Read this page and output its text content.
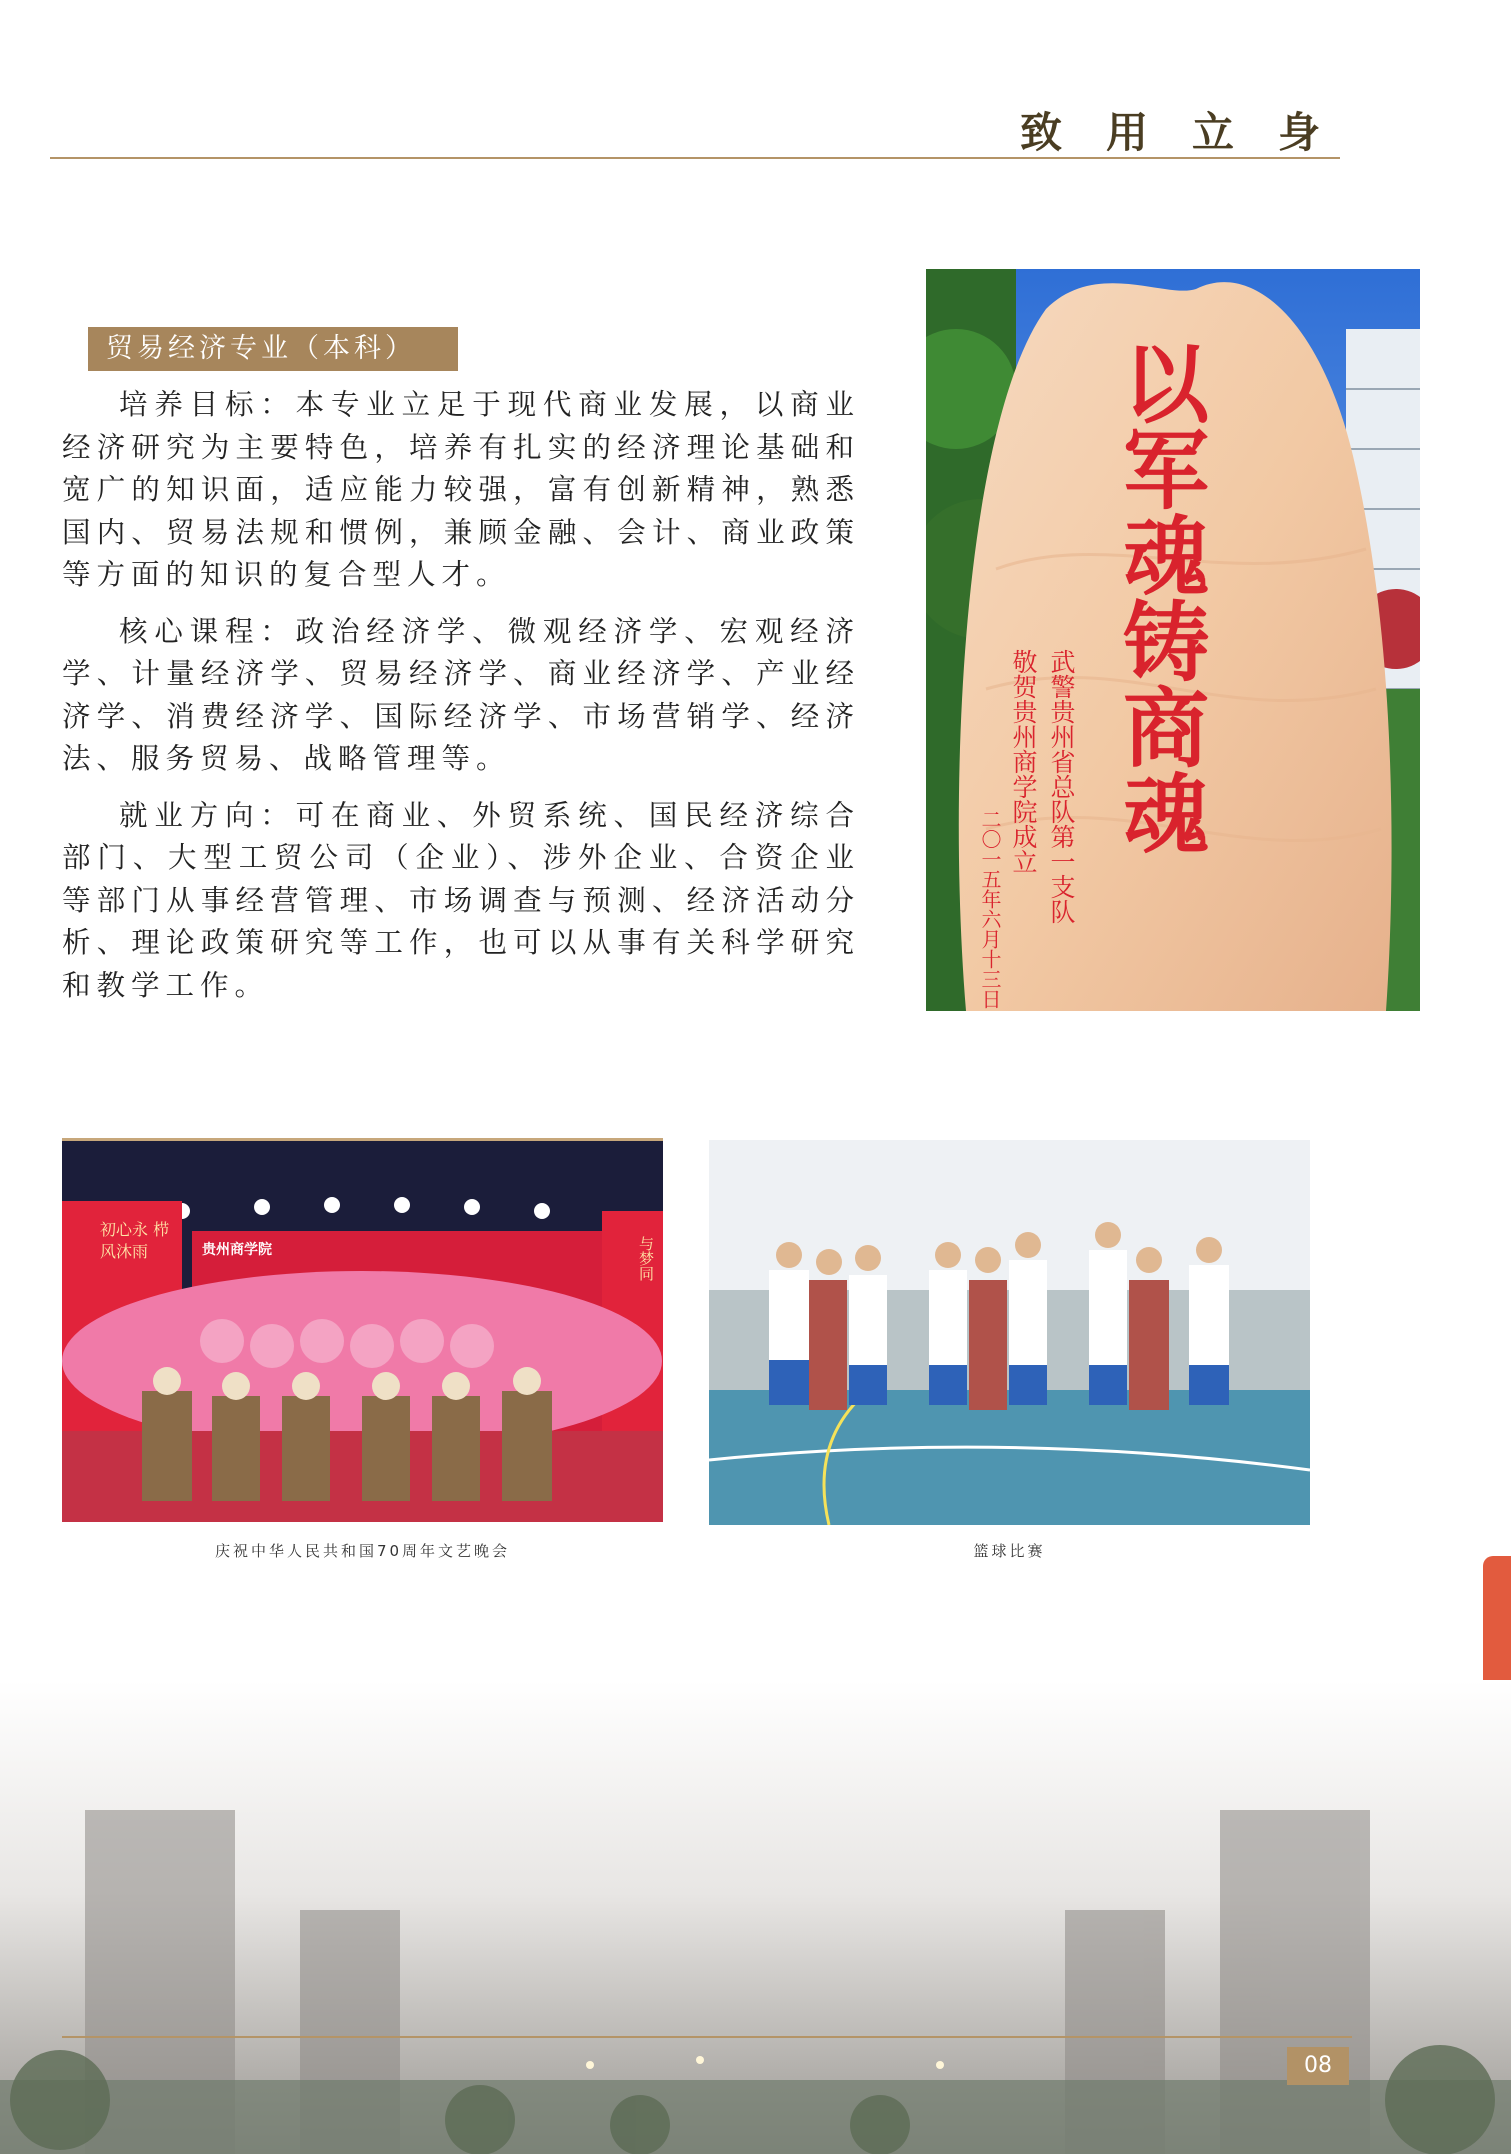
致用立身
贸易经济专业（本科）

培养目标：本专业立足于现代商业发展，以商业经济研究为主要特色，培养有扎实的经济理论基础和宽广的知识面，适应能力较强，富有创新精神，熟悉国内、贸易法规和惯例，兼顾金融、会计、商业政策等方面的知识的复合型人才。

核心课程：政治经济学、微观经济学、宏观经济学、计量经济学、贸易经济学、商业经济学、产业经济学、消费经济学、国际经济学、市场营销学、经济法、服务贸易、战略管理等。

就业方向：可在商业、外贸系统、国民经济综合部门、大型工贸公司（企业）、涉外企业、合资企业等部门从事经营管理、市场调查与预测、经济活动分析、理论政策研究等工作，也可以从事有关科学研究和教学工作。

以军魂铸商魂
武警贵州省总队第一支队
敬贺贵州商学院成立
二〇一五年六月十三日
贵州商学院
初心永 栉风沐雨	与梦同
庆祝中华人民共和国70周年文艺晚会	篮球比赛
08
